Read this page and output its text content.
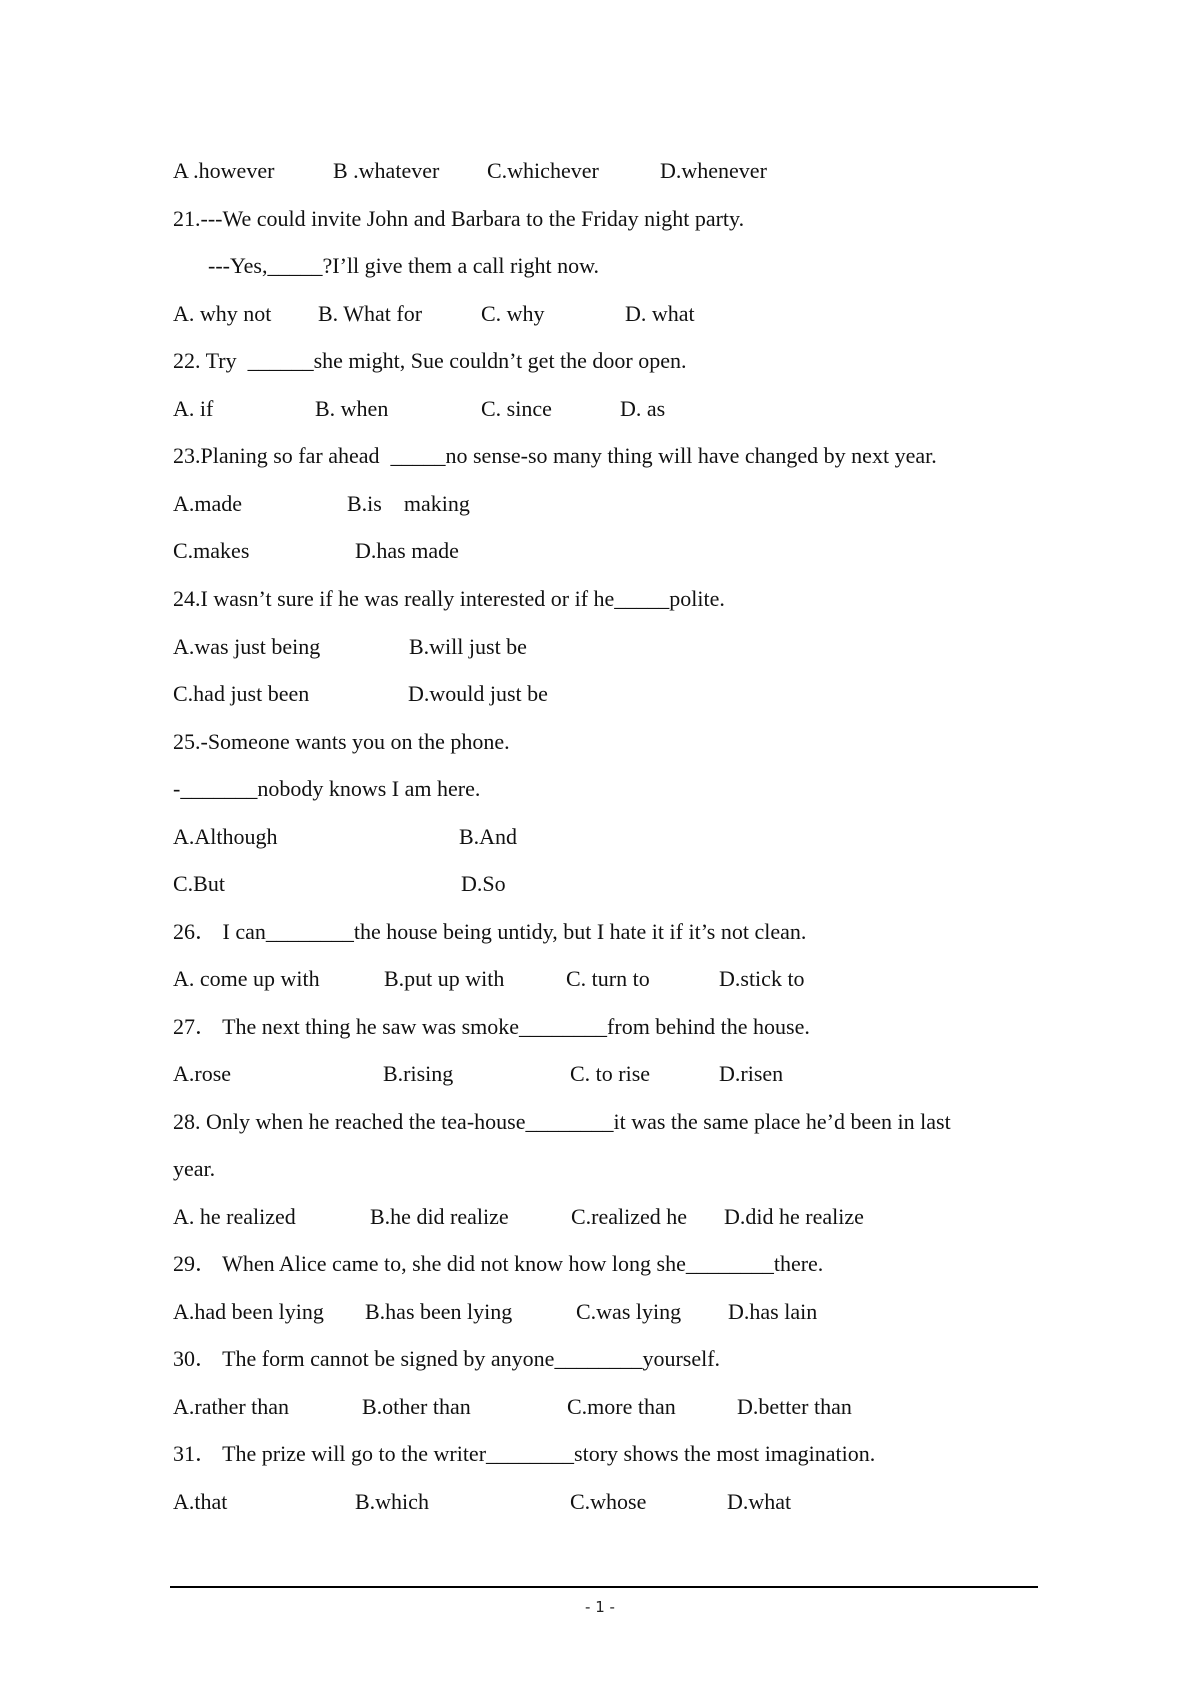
A .however	B .whatever C.whichever	D.whenever
21.---We could invite John and Barbara to the Friday night party.
---Yes,_____?I’ll give them a call right now.
A. why not B. What for	C. why	D. what
22. Try  ______she might, Sue couldn’t get the door open.
A. if	B. when	C. since	D. as
23.Planing so far ahead  _____no sense-so many thing will have changed by next year.
A.made	B.is    making
C.makes	D.has made
24.I wasn’t sure if he was really interested or if he_____polite.
A.was just being	B.will just be
C.had just been	D.would just be
25.-Someone wants you on the phone.
-_______nobody knows I am here.
A.Although	B.And
C.But	D.So
26． I can________the house being untidy, but I hate it if it’s not clean.
A. come up with	B.put up with	C. turn to	D.stick to
27． The next thing he saw was smoke________from behind the house.
A.rose	B.rising	C. to rise	D.risen
28. Only when he reached the tea-house________it was the same place he’d been in last
year.
A. he realized	B.he did realize	C.realized he D.did he realize
29． When Alice came to, she did not know how long she________there.
A.had been lying B.has been lying	C.was lying D.has lain
30． The form cannot be signed by anyone________yourself.
A.rather than	B.other than	C.more than	D.better than
31． The prize will go to the writer________story shows the most imagination.
A.that	B.which	C.whose	D.what
- 1 -
